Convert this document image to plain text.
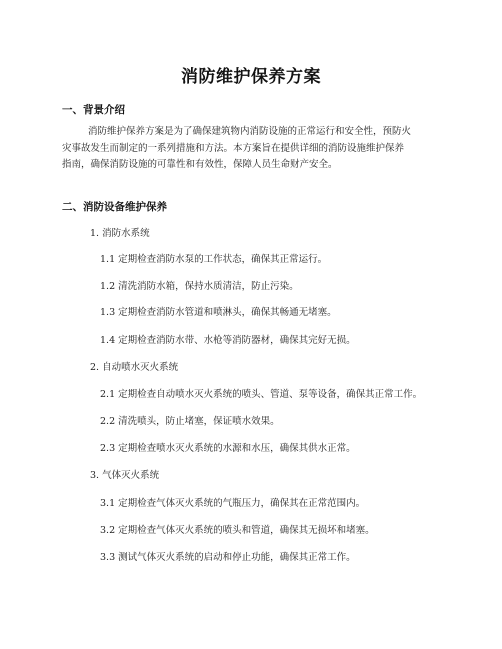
消防维护保养方案
一、背景介绍
消防维护保养方案是为了确保建筑物内消防设施的正常运行和安全性，预防火
灾事故发生而制定的一系列措施和方法。本方案旨在提供详细的消防设施维护保养
指南，确保消防设施的可靠性和有效性，保障人员生命财产安全。
二、消防设备维护保养
1. 消防水系统
1.1 定期检查消防水泵的工作状态，确保其正常运行。
1.2 清洗消防水箱，保持水质清洁，防止污染。
1.3 定期检查消防水管道和喷淋头，确保其畅通无堵塞。
1.4 定期检查消防水带、水枪等消防器材，确保其完好无损。
2. 自动喷水灭火系统
2.1 定期检查自动喷水灭火系统的喷头、管道、泵等设备，确保其正常工作。
2.2 清洗喷头，防止堵塞，保证喷水效果。
2.3 定期检查喷水灭火系统的水源和水压，确保其供水正常。
3. 气体灭火系统
3.1 定期检查气体灭火系统的气瓶压力，确保其在正常范围内。
3.2 定期检查气体灭火系统的喷头和管道，确保其无损坏和堵塞。
3.3 测试气体灭火系统的启动和停止功能，确保其正常工作。
